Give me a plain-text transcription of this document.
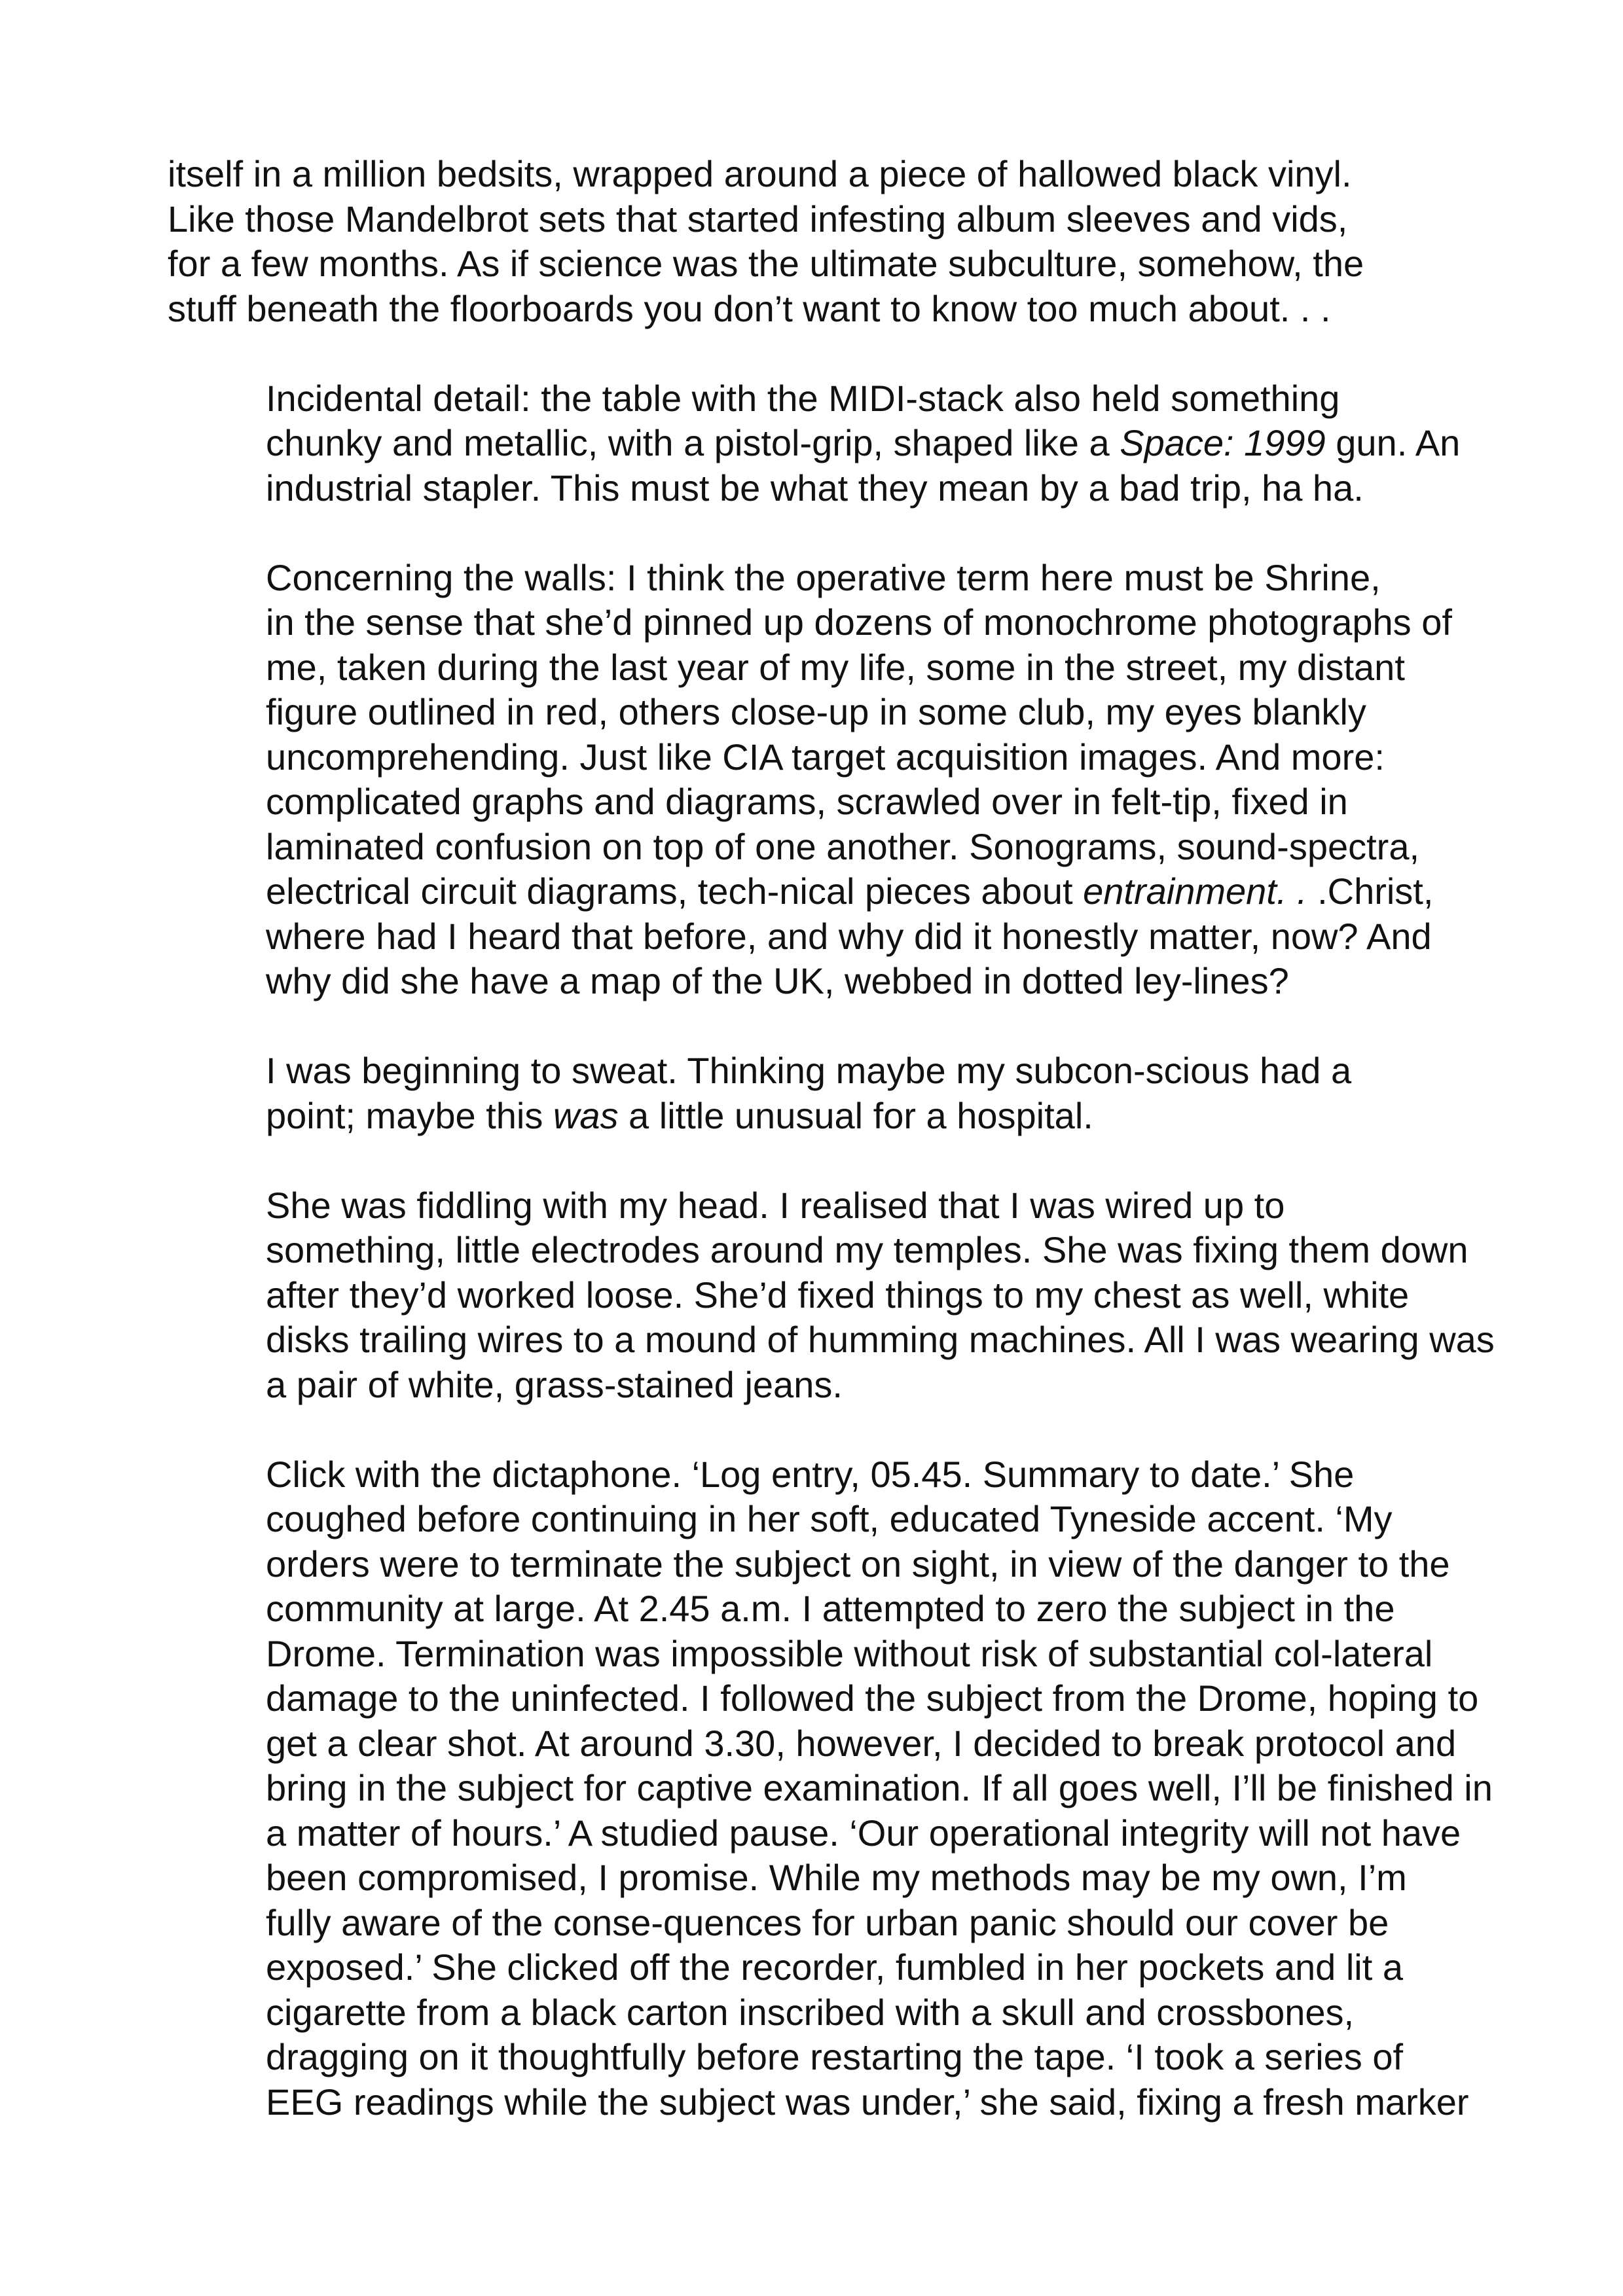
itself in a million bedsits, wrapped around a piece of hallowed black vinyl.
Like those Mandelbrot sets that started infesting album sleeves and vids,
for a few months. As if science was the ultimate subculture, somehow, the
stuff beneath the floorboards you don’t want to know too much about. . .

Incidental detail: the table with the MIDI-stack also held something
chunky and metallic, with a pistol-grip, shaped like a Space: 1999 gun. An
industrial stapler. This must be what they mean by a bad trip, ha ha.

Concerning the walls: I think the operative term here must be Shrine,
in the sense that she’d pinned up dozens of monochrome photographs of
me, taken during the last year of my life, some in the street, my distant
figure outlined in red, others close-up in some club, my eyes blankly
uncomprehending. Just like CIA target acquisition images. And more:
complicated graphs and diagrams, scrawled over in felt-tip, fixed in
laminated confusion on top of one another. Sonograms, sound-spectra,
electrical circuit diagrams, tech-nical pieces about entrainment. . .Christ,
where had I heard that before, and why did it honestly matter, now? And
why did she have a map of the UK, webbed in dotted ley-lines?

I was beginning to sweat. Thinking maybe my subcon-scious had a
point; maybe this was a little unusual for a hospital.

She was fiddling with my head. I realised that I was wired up to
something, little electrodes around my temples. She was fixing them down
after they’d worked loose. She’d fixed things to my chest as well, white
disks trailing wires to a mound of humming machines. All I was wearing was
a pair of white, grass-stained jeans.

Click with the dictaphone. ‘Log entry, 05.45. Summary to date.’ She
coughed before continuing in her soft, educated Tyneside accent. ‘My
orders were to terminate the subject on sight, in view of the danger to the
community at large. At 2.45 a.m. I attempted to zero the subject in the
Drome. Termination was impossible without risk of substantial col-lateral
damage to the uninfected. I followed the subject from the Drome, hoping to
get a clear shot. At around 3.30, however, I decided to break protocol and
bring in the subject for captive examination. If all goes well, I’ll be finished in
a matter of hours.’ A studied pause. ‘Our operational integrity will not have
been compromised, I promise. While my methods may be my own, I’m
fully aware of the conse-quences for urban panic should our cover be
exposed.’ She clicked off the recorder, fumbled in her pockets and lit a
cigarette from a black carton inscribed with a skull and crossbones,
dragging on it thoughtfully before restarting the tape. ‘I took a series of
EEG readings while the subject was under,’ she said, fixing a fresh marker
